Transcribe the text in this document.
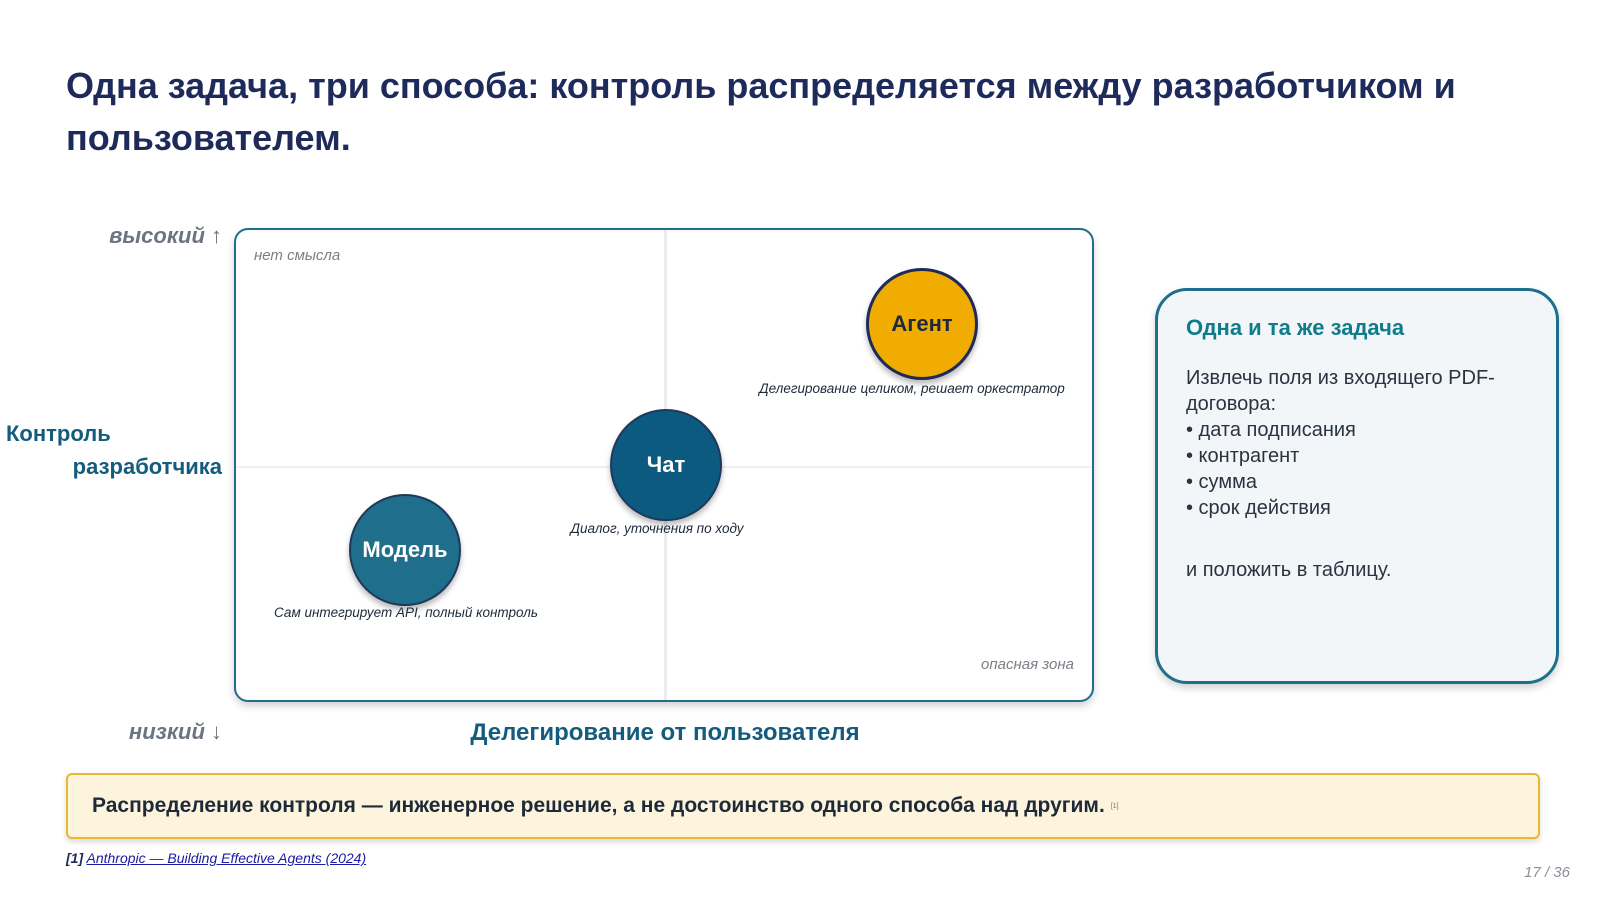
Одна задача, три способа: контроль распределяется между разработчиком и пользователем.
высокий ↑
Контроль
разработчика
низкий ↓
нет смысла
опасная зона
Модель
Сам интегрирует API, полный контроль
Чат
Диалог, уточнения по ходу
Агент
Делегирование целиком, решает оркестратор
Делегирование от пользователя
Одна и та же задача
Извлечь поля из входящего PDF-
договора:
• дата подписания
• контрагент
• сумма
• срок действия
и положить в таблицу.
Распределение контроля — инженерное решение, а не достоинство одного способа над другим. [1]
[1] Anthropic — Building Effective Agents (2024)
17 / 36
